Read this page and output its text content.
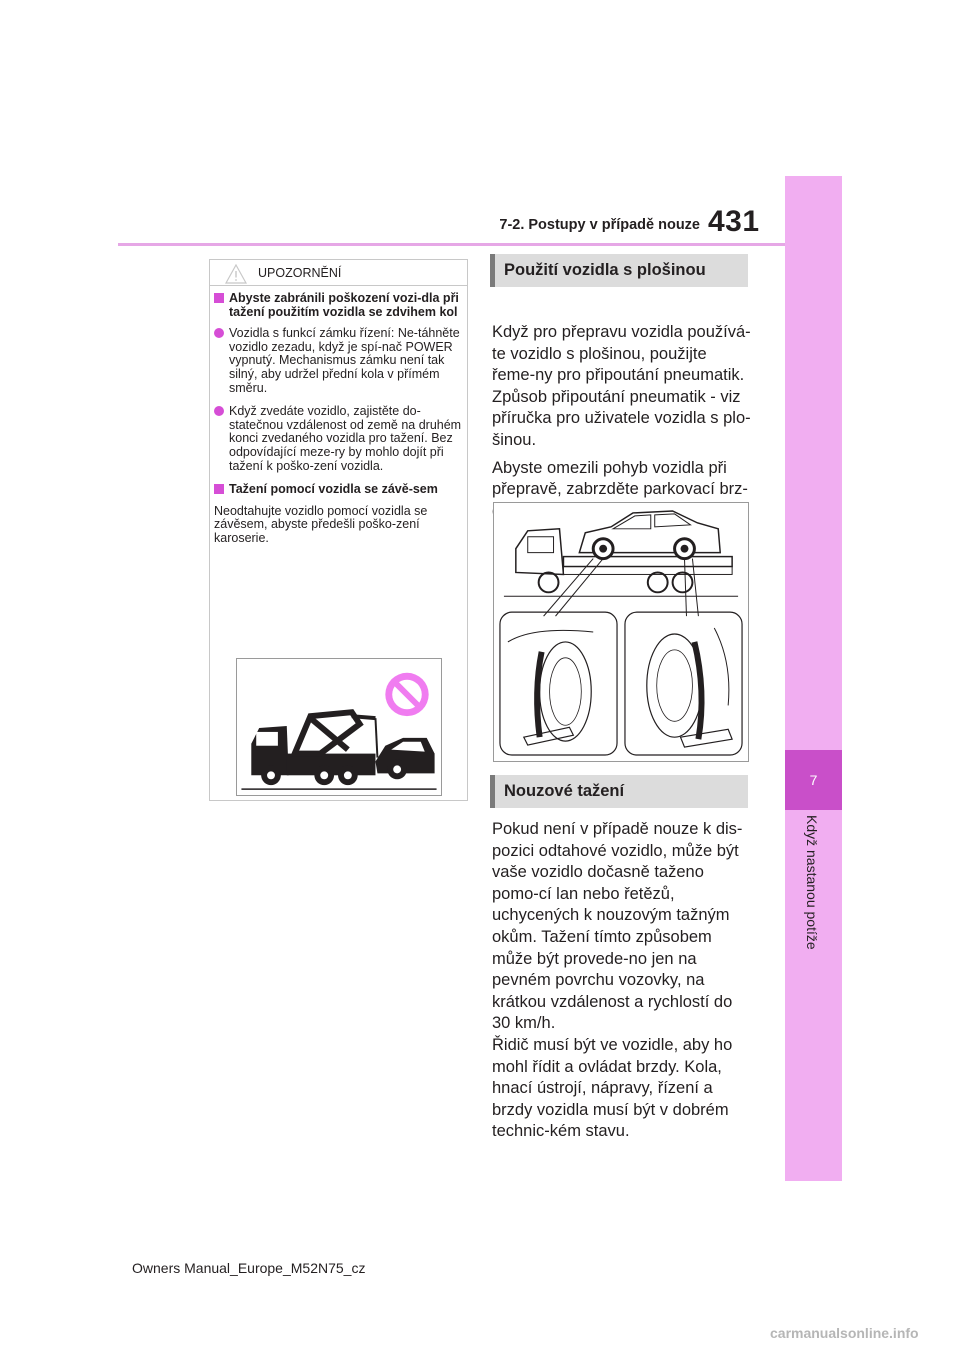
7-2. Postupy v případě nouze 431
7
Když nastanou potíže
UPOZORNĚNÍ
Abyste zabránili poškození vozi-dla při tažení použitím vozidla se zdvihem kol
Vozidla s funkcí zámku řízení: Ne-táhněte vozidlo zezadu, když je spí-nač POWER vypnutý. Mechanismus zámku není tak silný, aby udržel přední kola v přímém směru.
Když zvedáte vozidlo, zajistěte do-statečnou vzdálenost od země na druhém konci zvedaného vozidla pro tažení. Bez odpovídající meze-ry by mohlo dojít při tažení k poško-zení vozidla.
Tažení pomocí vozidla se závě-sem

Neodtahujte vozidlo pomocí vozidla se závěsem, abyste předešli poško-zení karoserie.

Použití vozidla s plošinou

Když pro přepravu vozidla používá-te vozidlo s plošinou, použijte řeme-ny pro připoutání pneumatik. Způsob připoutání pneumatik - viz příručka pro uživatele vozidla s plo-šinou.

Abyste omezili pohyb vozidla při přepravě, zabrzděte parkovací brz-du a vypněte spínač POWER.

Nouzové tažení

Pokud není v případě nouze k dis-pozici odtahové vozidlo, může být vaše vozidlo dočasně taženo pomo-cí lan nebo řetězů, uchycených k nouzovým tažným okům. Tažení tímto způsobem může být provede-no jen na pevném povrchu vozovky, na krátkou vzdálenost a rychlostí do 30 km/h.

Řidič musí být ve vozidle, aby ho mohl řídit a ovládat brzdy. Kola, hnací ústrojí, nápravy, řízení a brzdy vozidla musí být v dobrém technic-kém stavu.

Owners Manual_Europe_M52N75_cz
carmanualsonline.info
